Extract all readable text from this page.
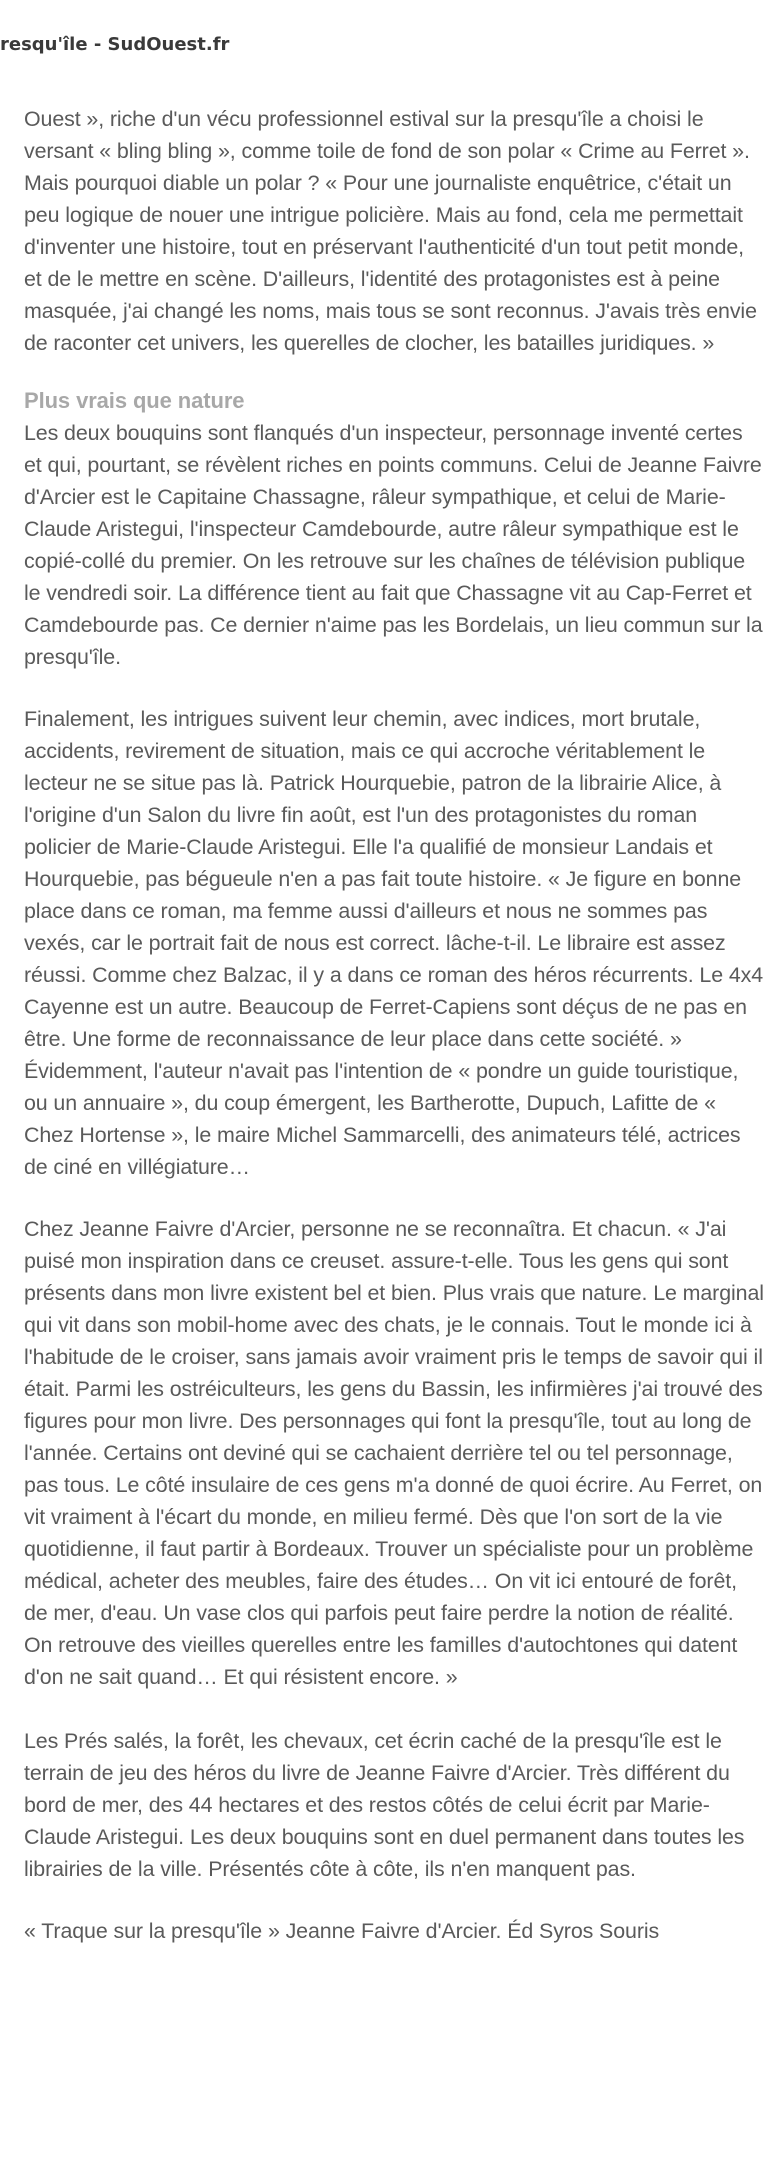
resqu'île - SudOuest.fr

Ouest », riche d'un vécu professionnel estival sur la presqu'île a choisi le versant « bling bling », comme toile de fond de son polar « Crime au Ferret ». Mais pourquoi diable un polar ? « Pour une journaliste enquêtrice, c'était un peu logique de nouer une intrigue policière. Mais au fond, cela me permettait d'inventer une histoire, tout en préservant l'authenticité d'un tout petit monde, et de le mettre en scène. D'ailleurs, l'identité des protagonistes est à peine masquée, j'ai changé les noms, mais tous se sont reconnus. J'avais très envie de raconter cet univers, les querelles de clocher, les batailles juridiques. »

Plus vrais que nature

Les deux bouquins sont flanqués d'un inspecteur, personnage inventé certes et qui, pourtant, se révèlent riches en points communs. Celui de Jeanne Faivre d'Arcier est le Capitaine Chassagne, râleur sympathique, et celui de Marie-Claude Aristegui, l'inspecteur Camdebourde, autre râleur sympathique est le copié-collé du premier. On les retrouve sur les chaînes de télévision publique le vendredi soir. La différence tient au fait que Chassagne vit au Cap-Ferret et Camdebourde pas. Ce dernier n'aime pas les Bordelais, un lieu commun sur la presqu'île.

Finalement, les intrigues suivent leur chemin, avec indices, mort brutale, accidents, revirement de situation, mais ce qui accroche véritablement le lecteur ne se situe pas là. Patrick Hourquebie, patron de la librairie Alice, à l'origine d'un Salon du livre fin août, est l'un des protagonistes du roman policier de Marie-Claude Aristegui. Elle l'a qualifié de monsieur Landais et Hourquebie, pas bégueule n'en a pas fait toute histoire. « Je figure en bonne place dans ce roman, ma femme aussi d'ailleurs et nous ne sommes pas vexés, car le portrait fait de nous est correct. lâche-t-il. Le libraire est assez réussi. Comme chez Balzac, il y a dans ce roman des héros récurrents. Le 4x4 Cayenne est un autre. Beaucoup de Ferret-Capiens sont déçus de ne pas en être. Une forme de reconnaissance de leur place dans cette société. » Évidemment, l'auteur n'avait pas l'intention de « pondre un guide touristique, ou un annuaire », du coup émergent, les Bartherotte, Dupuch, Lafitte de « Chez Hortense », le maire Michel Sammarcelli, des animateurs télé, actrices de ciné en villégiature…

Chez Jeanne Faivre d'Arcier, personne ne se reconnaîtra. Et chacun. « J'ai puisé mon inspiration dans ce creuset. assure-t-elle. Tous les gens qui sont présents dans mon livre existent bel et bien. Plus vrais que nature. Le marginal qui vit dans son mobil-home avec des chats, je le connais. Tout le monde ici à l'habitude de le croiser, sans jamais avoir vraiment pris le temps de savoir qui il était. Parmi les ostréiculteurs, les gens du Bassin, les infirmières j'ai trouvé des figures pour mon livre. Des personnages qui font la presqu'île, tout au long de l'année. Certains ont deviné qui se cachaient derrière tel ou tel personnage, pas tous. Le côté insulaire de ces gens m'a donné de quoi écrire. Au Ferret, on vit vraiment à l'écart du monde, en milieu fermé. Dès que l'on sort de la vie quotidienne, il faut partir à Bordeaux. Trouver un spécialiste pour un problème médical, acheter des meubles, faire des études… On vit ici entouré de forêt, de mer, d'eau. Un vase clos qui parfois peut faire perdre la notion de réalité. On retrouve des vieilles querelles entre les familles d'autochtones qui datent d'on ne sait quand… Et qui résistent encore. »

Les Prés salés, la forêt, les chevaux, cet écrin caché de la presqu'île est le terrain de jeu des héros du livre de Jeanne Faivre d'Arcier. Très différent du bord de mer, des 44 hectares et des restos côtés de celui écrit par Marie-Claude Aristegui. Les deux bouquins sont en duel permanent dans toutes les librairies de la ville. Présentés côte à côte, ils n'en manquent pas.

« Traque sur la presqu'île » Jeanne Faivre d'Arcier. Éd Syros Souris
